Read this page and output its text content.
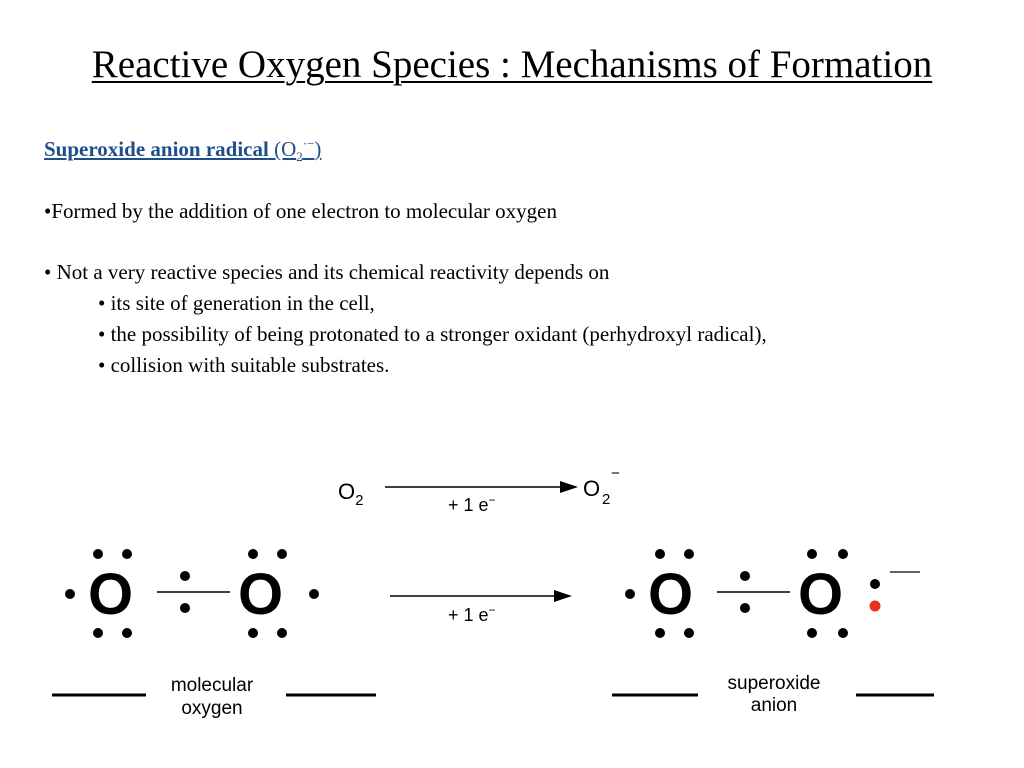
Reactive Oxygen Species : Mechanisms of Formation
Superoxide anion radical $(O_2^{\cdot-})$
•Formed by the addition of one electron to molecular oxygen
• Not a very reactive species and its chemical reactivity depends on
• its site of generation in the cell,
• the possibility of being protonated to a stronger oxidant (perhydroxyl radical),
• collision with suitable substrates.
$O_2$	O 2−
+ 1 e−
O O	+ 1 e−	O O
molecular
oxygen
superoxide
anion
